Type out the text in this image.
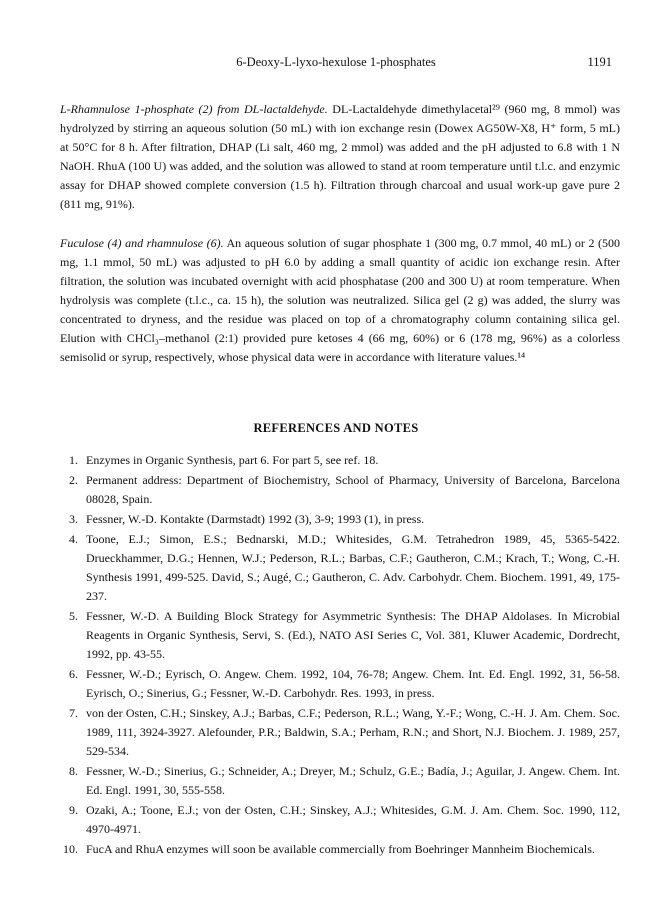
6-Deoxy-L-lyxo-hexulose 1-phosphates	1191

L-Rhamnulose 1-phosphate (2) from DL-lactaldehyde. DL-Lactaldehyde dimethylacetal²⁹ (960 mg, 8 mmol) was hydrolyzed by stirring an aqueous solution (50 mL) with ion exchange resin (Dowex AG50W-X8, H⁺ form, 5 mL) at 50°C for 8 h. After filtration, DHAP (Li salt, 460 mg, 2 mmol) was added and the pH adjusted to 6.8 with 1 N NaOH. RhuA (100 U) was added, and the solution was allowed to stand at room temperature until t.l.c. and enzymic assay for DHAP showed complete conversion (1.5 h). Filtration through charcoal and usual work-up gave pure 2 (811 mg, 91%).

Fuculose (4) and rhamnulose (6). An aqueous solution of sugar phosphate 1 (300 mg, 0.7 mmol, 40 mL) or 2 (500 mg, 1.1 mmol, 50 mL) was adjusted to pH 6.0 by adding a small quantity of acidic ion exchange resin. After filtration, the solution was incubated overnight with acid phosphatase (200 and 300 U) at room temperature. When hydrolysis was complete (t.l.c., ca. 15 h), the solution was neutralized. Silica gel (2 g) was added, the slurry was concentrated to dryness, and the residue was placed on top of a chromatography column containing silica gel. Elution with CHCl₃–methanol (2:1) provided pure ketoses 4 (66 mg, 60%) or 6 (178 mg, 96%) as a colorless semisolid or syrup, respectively, whose physical data were in accordance with literature values.¹⁴

REFERENCES AND NOTES
1. Enzymes in Organic Synthesis, part 6. For part 5, see ref. 18.
2. Permanent address: Department of Biochemistry, School of Pharmacy, University of Barcelona, Barcelona 08028, Spain.
3. Fessner, W.-D. Kontakte (Darmstadt) 1992 (3), 3-9; 1993 (1), in press.
4. Toone, E.J.; Simon, E.S.; Bednarski, M.D.; Whitesides, G.M. Tetrahedron 1989, 45, 5365-5422. Drueckhammer, D.G.; Hennen, W.J.; Pederson, R.L.; Barbas, C.F.; Gautheron, C.M.; Krach, T.; Wong, C.-H. Synthesis 1991, 499-525. David, S.; Augé, C.; Gautheron, C. Adv. Carbohydr. Chem. Biochem. 1991, 49, 175-237.
5. Fessner, W.-D. A Building Block Strategy for Asymmetric Synthesis: The DHAP Aldolases. In Microbial Reagents in Organic Synthesis, Servi, S. (Ed.), NATO ASI Series C, Vol. 381, Kluwer Academic, Dordrecht, 1992, pp. 43-55.
6. Fessner, W.-D.; Eyrisch, O. Angew. Chem. 1992, 104, 76-78; Angew. Chem. Int. Ed. Engl. 1992, 31, 56-58. Eyrisch, O.; Sinerius, G.; Fessner, W.-D. Carbohydr. Res. 1993, in press.
7. von der Osten, C.H.; Sinskey, A.J.; Barbas, C.F.; Pederson, R.L.; Wang, Y.-F.; Wong, C.-H. J. Am. Chem. Soc. 1989, 111, 3924-3927. Alefounder, P.R.; Baldwin, S.A.; Perham, R.N.; and Short, N.J. Biochem. J. 1989, 257, 529-534.
8. Fessner, W.-D.; Sinerius, G.; Schneider, A.; Dreyer, M.; Schulz, G.E.; Badía, J.; Aguilar, J. Angew. Chem. Int. Ed. Engl. 1991, 30, 555-558.
9. Ozaki, A.; Toone, E.J.; von der Osten, C.H.; Sinskey, A.J.; Whitesides, G.M. J. Am. Chem. Soc. 1990, 112, 4970-4971.
10. FucA and RhuA enzymes will soon be available commercially from Boehringer Mannheim Biochemicals.
